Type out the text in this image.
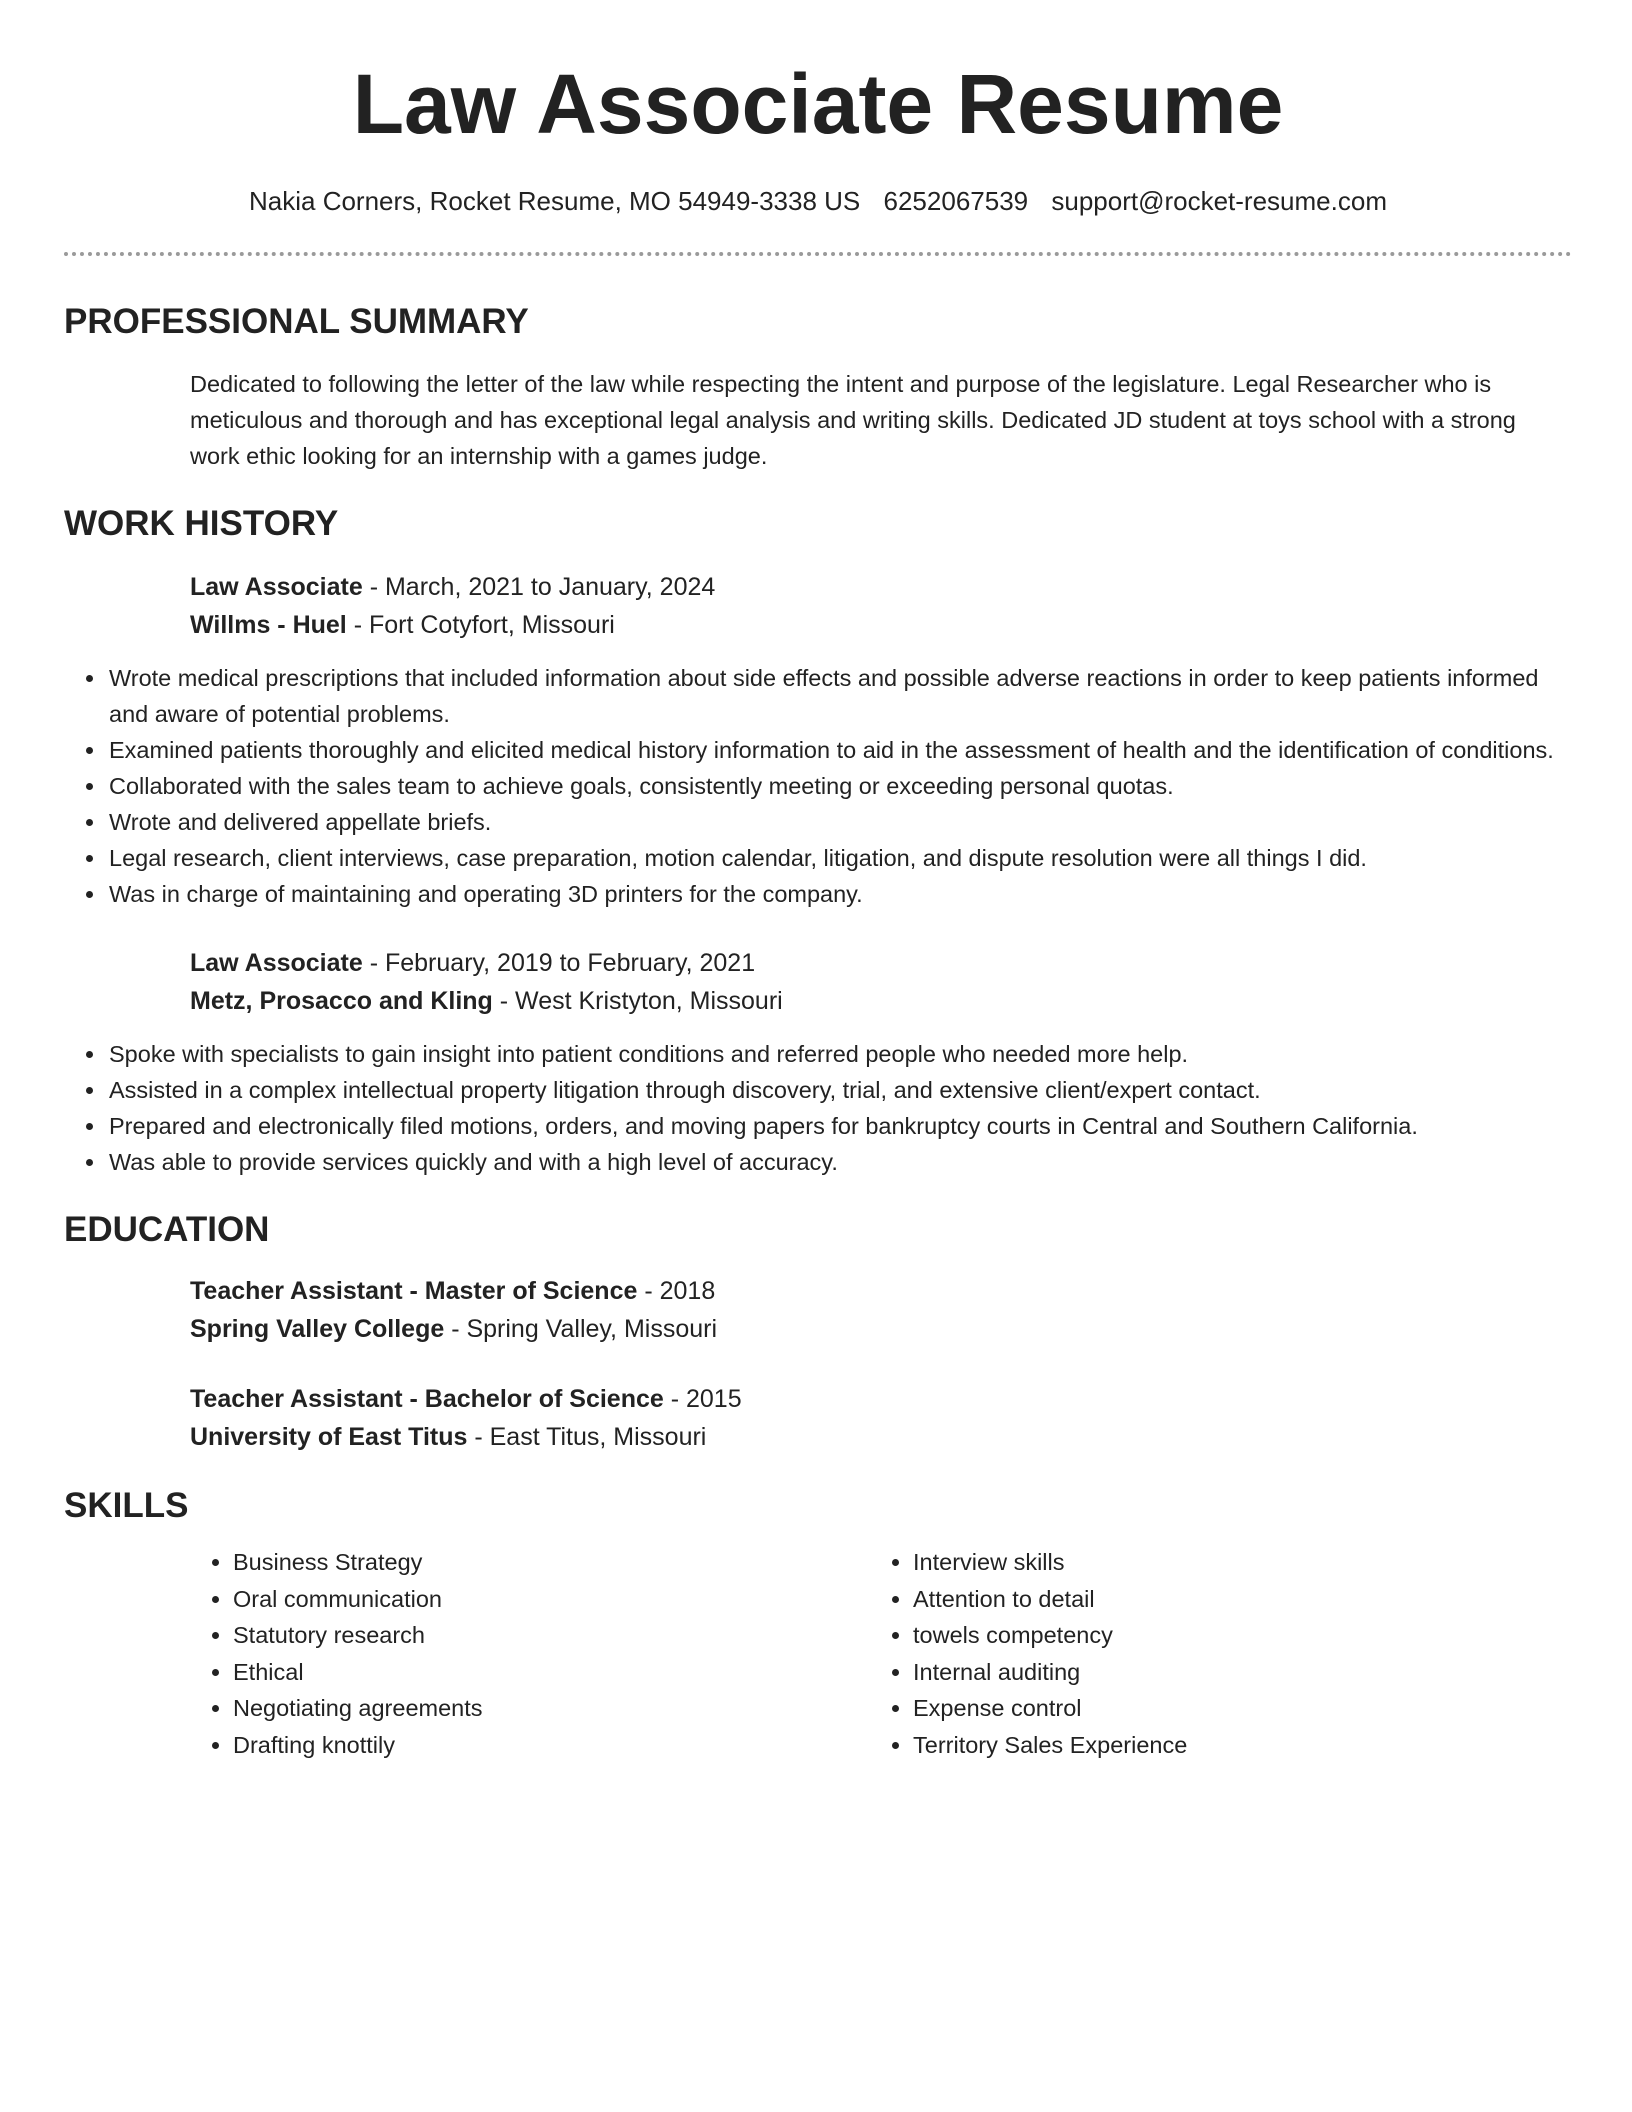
Law Associate Resume
Nakia Corners, Rocket Resume, MO 54949-3338 US 6252067539 support@rocket-resume.com
PROFESSIONAL SUMMARY
Dedicated to following the letter of the law while respecting the intent and purpose of the legislature. Legal Researcher who is meticulous and thorough and has exceptional legal analysis and writing skills. Dedicated JD student at toys school with a strong work ethic looking for an internship with a games judge.
WORK HISTORY
Law Associate - March, 2021 to January, 2024
Willms - Huel - Fort Cotyfort, Missouri
• Wrote medical prescriptions that included information about side effects and possible adverse reactions in order to keep patients informed and aware of potential problems.
• Examined patients thoroughly and elicited medical history information to aid in the assessment of health and the identification of conditions.
• Collaborated with the sales team to achieve goals, consistently meeting or exceeding personal quotas.
• Wrote and delivered appellate briefs.
• Legal research, client interviews, case preparation, motion calendar, litigation, and dispute resolution were all things I did.
• Was in charge of maintaining and operating 3D printers for the company.
Law Associate - February, 2019 to February, 2021
Metz, Prosacco and Kling - West Kristyton, Missouri
• Spoke with specialists to gain insight into patient conditions and referred people who needed more help.
• Assisted in a complex intellectual property litigation through discovery, trial, and extensive client/expert contact.
• Prepared and electronically filed motions, orders, and moving papers for bankruptcy courts in Central and Southern California.
• Was able to provide services quickly and with a high level of accuracy.
EDUCATION
Teacher Assistant - Master of Science - 2018
Spring Valley College - Spring Valley, Missouri
Teacher Assistant - Bachelor of Science - 2015
University of East Titus - East Titus, Missouri
SKILLS
• Business Strategy
• Oral communication
• Statutory research
• Ethical
• Negotiating agreements
• Drafting knottily
• Interview skills
• Attention to detail
• towels competency
• Internal auditing
• Expense control
• Territory Sales Experience
